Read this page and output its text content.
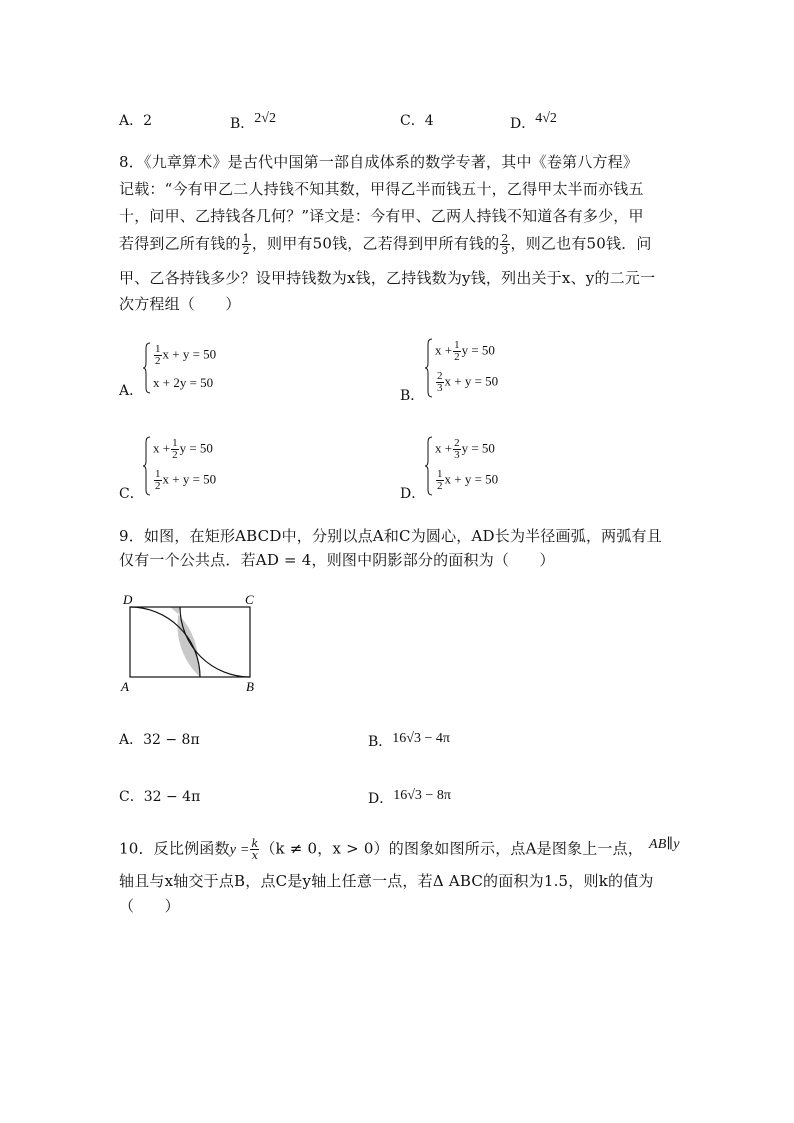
A．2	B．2√2	C．4	D．4√2
8．《九章算术》是古代中国第一部自成体系的数学专著，其中《卷第八方程》
记载：“今有甲乙二人持钱不知其数，甲得乙半而钱五十，乙得甲太半而亦钱五
十，问甲、乙持钱各几何？”译文是：今有甲、乙两人持钱不知道各有多少，甲
若得到乙所有钱的 $\frac{1}{2}$ ，则甲有50钱，乙若得到甲所有钱的 $\frac{2}{3}$ ，则乙也有50钱．问
甲、乙各持钱多少？设甲持钱数为x钱，乙持钱数为y钱，列出关于x、y的二元一
次方程组（　　）
A．
$\frac{1}{2}$ x + y = 50
x + 2y = 50
B．
$x + \frac{1}{2}$ y = 50
$\frac{2}{3}$ x + y = 50
C．
$x + \frac{1}{2}$ y = 50
$\frac{1}{2}$ x + y = 50
D．
$x + \frac{2}{3}$ y = 50
$\frac{1}{2}$ x + y = 50
9．如图，在矩形ABCD中，分别以点A和C为圆心，AD长为半径画弧，两弧有且
仅有一个公共点．若AD = 4，则图中阴影部分的面积为（　　）
D	C
A	B
A．32 − 8π	B．16√3 − 4π
C．32 − 4π	D．16√3 − 8π
10．反比例函数$y = \frac{k}{x} (k \ne 0$，x > 0）的图象如图所示，点A是图象上一点， AB∥y
轴且与x轴交于点B，点C是y轴上任意一点，若Δ ABC的面积为1.5，则k的值为
（　　）
